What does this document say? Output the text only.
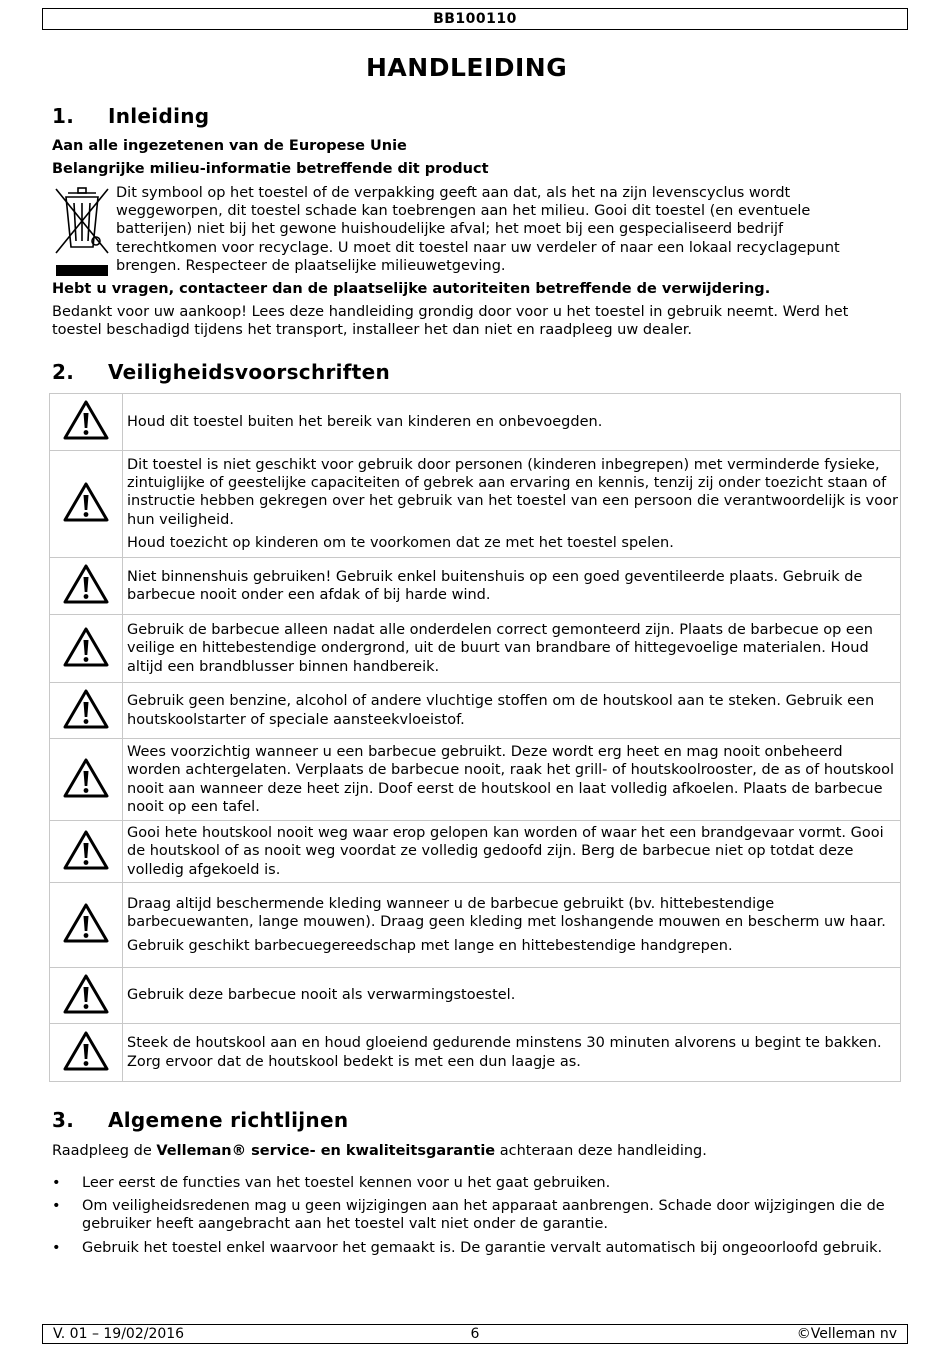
BB100110
HANDLEIDING
1. Inleiding
Aan alle ingezetenen van de Europese Unie
Belangrijke milieu-informatie betreffende dit product
Dit symbool op het toestel of de verpakking geeft aan dat, als het na zijn levenscyclus wordt weggeworpen, dit toestel schade kan toebrengen aan het milieu. Gooi dit toestel (en eventuele batterijen) niet bij het gewone huishoudelijke afval; het moet bij een gespecialiseerd bedrijf terechtkomen voor recyclage. U moet dit toestel naar uw verdeler of naar een lokaal recyclagepunt brengen. Respecteer de plaatselijke milieuwetgeving.
Hebt u vragen, contacteer dan de plaatselijke autoriteiten betreffende de verwijdering.
Bedankt voor uw aankoop! Lees deze handleiding grondig door voor u het toestel in gebruik neemt. Werd het toestel beschadigd tijdens het transport, installeer het dan niet en raadpleeg uw dealer.
2. Veiligheidsvoorschriften

Houd dit toestel buiten het bereik van kinderen en onbevoegden.

Dit toestel is niet geschikt voor gebruik door personen (kinderen inbegrepen) met verminderde fysieke, zintuiglijke of geestelijke capaciteiten of gebrek aan ervaring en kennis, tenzij zij onder toezicht staan of instructie hebben gekregen over het gebruik van het toestel van een persoon die verantwoordelijk is voor hun veiligheid.

Houd toezicht op kinderen om te voorkomen dat ze met het toestel spelen.

Niet binnenshuis gebruiken! Gebruik enkel buitenshuis op een goed geventileerde plaats. Gebruik de barbecue nooit onder een afdak of bij harde wind.

Gebruik de barbecue alleen nadat alle onderdelen correct gemonteerd zijn. Plaats de barbecue op een veilige en hittebestendige ondergrond, uit de buurt van brandbare of hittegevoelige materialen. Houd altijd een brandblusser binnen handbereik.

Gebruik geen benzine, alcohol of andere vluchtige stoffen om de houtskool aan te steken. Gebruik een houtskoolstarter of speciale aansteekvloeistof.

Wees voorzichtig wanneer u een barbecue gebruikt. Deze wordt erg heet en mag nooit onbeheerd worden achtergelaten. Verplaats de barbecue nooit, raak het grill- of houtskoolrooster, de as of houtskool nooit aan wanneer deze heet zijn. Doof eerst de houtskool en laat volledig afkoelen. Plaats de barbecue nooit op een tafel.

Gooi hete houtskool nooit weg waar erop gelopen kan worden of waar het een brandgevaar vormt. Gooi de houtskool of as nooit weg voordat ze volledig gedoofd zijn. Berg de barbecue niet op totdat deze volledig afgekoeld is.

Draag altijd beschermende kleding wanneer u de barbecue gebruikt (bv. hittebestendige barbecuewanten, lange mouwen). Draag geen kleding met loshangende mouwen en bescherm uw haar.

Gebruik geschikt barbecuegereedschap met lange en hittebestendige handgrepen.

Gebruik deze barbecue nooit als verwarmingstoestel.

Steek de houtskool aan en houd gloeiend gedurende minstens 30 minuten alvorens u begint te bakken. Zorg ervoor dat de houtskool bedekt is met een dun laagje as.

3. Algemene richtlijnen
Raadpleeg de Velleman® service- en kwaliteitsgarantie achteraan deze handleiding.
• Leer eerst de functies van het toestel kennen voor u het gaat gebruiken.
• Om veiligheidsredenen mag u geen wijzigingen aan het apparaat aanbrengen. Schade door wijzigingen die de gebruiker heeft aangebracht aan het toestel valt niet onder de garantie.
• Gebruik het toestel enkel waarvoor het gemaakt is. De garantie vervalt automatisch bij ongeoorloofd gebruik.
V. 01 – 19/02/2016	6	©Velleman nv
